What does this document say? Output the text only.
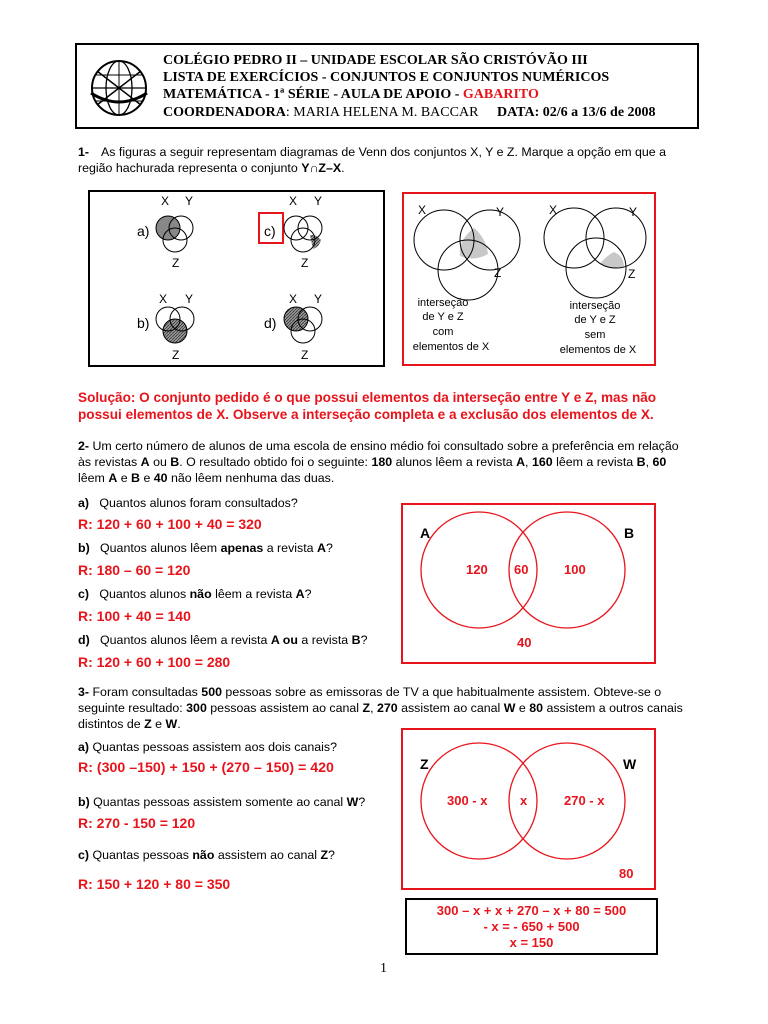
COLÉGIO PEDRO II – UNIDADE ESCOLAR SÃO CRISTÓVÃO III
LISTA DE EXERCÍCIOS - CONJUNTOS E CONJUNTOS NUMÉRICOS
MATEMÁTICA - 1ª SÉRIE - AULA DE APOIO - GABARITO
COORDENADORA: MARIA HELENA M. BACCAR DATA: 02/6 a 13/6 de 2008
1- As figuras a seguir representam diagramas de Venn dos conjuntos X, Y e Z. Marque a opção em que a
região hachurada representa o conjunto Y∩Z–X.
a)
X Y
Z
c)
X Y
Z
b)
X Y
Z
d)
X Y
Z
X	Y
Z
interseção
de Y e Z
com
elementos de X
X	Y
Z
interseção
de Y e Z
sem
elementos de X
Solução: O conjunto pedido é o que possui elementos da interseção entre Y e Z, mas não
possui elementos de X. Observe a interseção completa e a exclusão dos elementos de X.
2- Um certo número de alunos de uma escola de ensino médio foi consultado sobre a preferência em relação
às revistas A ou B. O resultado obtido foi o seguinte: 180 alunos lêem a revista A, 160 lêem a revista B, 60
lêem A e B e 40 não lêem nenhuma das duas.
a) Quantos alunos foram consultados?
R: 120 + 60 + 100 + 40 = 320
b) Quantos alunos lêem apenas a revista A?
R: 180 – 60 = 120
c) Quantos alunos não lêem a revista A?
R: 100 + 40 = 140
d) Quantos alunos lêem a revista A ou a revista B?
R: 120 + 60 + 100 = 280
A	B
120 60	100
40
3- Foram consultadas 500 pessoas sobre as emissoras de TV a que habitualmente assistem. Obteve-se o
seguinte resultado: 300 pessoas assistem ao canal Z, 270 assistem ao canal W e 80 assistem a outros canais
distintos de Z e W.
a) Quantas pessoas assistem aos dois canais?
R: (300 –150) + 150 + (270 – 150) = 420
b) Quantas pessoas assistem somente ao canal W?
R: 270 - 150 = 120
c) Quantas pessoas não assistem ao canal Z?
R: 150 + 120 + 80 = 350
Z	W
300 - x	x	270 - x
80
300 – x + x + 270 – x + 80 = 500
- x = - 650 + 500
x = 150
1
